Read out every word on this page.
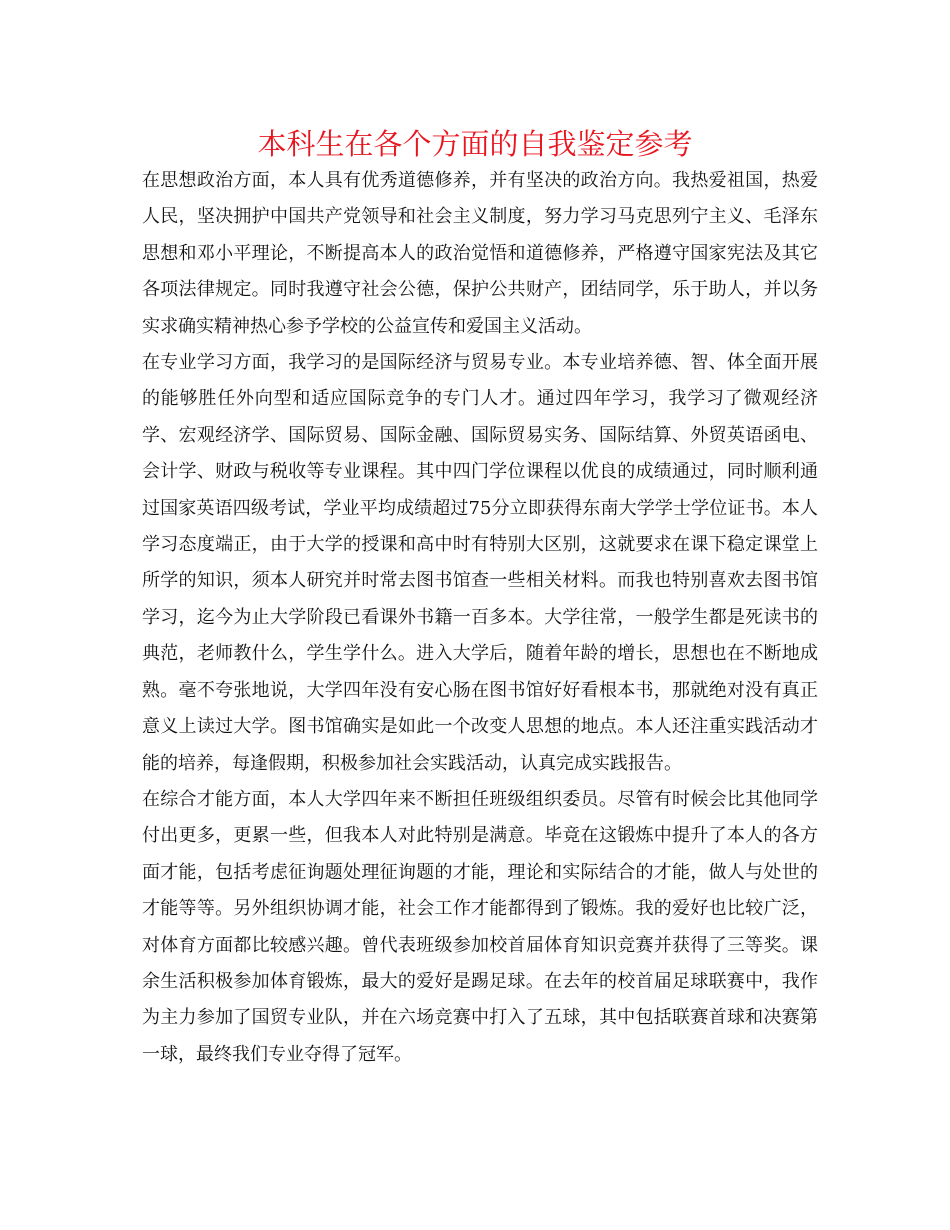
本科生在各个方面的自我鉴定参考

在思想政治方面，本人具有优秀道德修养，并有坚决的政治方向。我热爱祖国，热爱人民，坚决拥护中国共产党领导和社会主义制度，努力学习马克思列宁主义、毛泽东思想和邓小平理论，不断提高本人的政治觉悟和道德修养，严格遵守国家宪法及其它各项法律规定。同时我遵守社会公德，保护公共财产，团结同学，乐于助人，并以务实求确实精神热心参予学校的公益宣传和爱国主义活动。

在专业学习方面，我学习的是国际经济与贸易专业。本专业培养德、智、体全面开展的能够胜任外向型和适应国际竞争的专门人才。通过四年学习，我学习了微观经济学、宏观经济学、国际贸易、国际金融、国际贸易实务、国际结算、外贸英语函电、会计学、财政与税收等专业课程。其中四门学位课程以优良的成绩通过，同时顺利通过国家英语四级考试，学业平均成绩超过75分立即获得东南大学学士学位证书。本人学习态度端正，由于大学的授课和高中时有特别大区别，这就要求在课下稳定课堂上所学的知识，须本人研究并时常去图书馆查一些相关材料。而我也特别喜欢去图书馆学习，迄今为止大学阶段已看课外书籍一百多本。大学往常，一般学生都是死读书的典范，老师教什么，学生学什么。进入大学后，随着年龄的增长，思想也在不断地成熟。毫不夸张地说，大学四年没有安心肠在图书馆好好看根本书，那就绝对没有真正意义上读过大学。图书馆确实是如此一个改变人思想的地点。本人还注重实践活动才能的培养，每逢假期，积极参加社会实践活动，认真完成实践报告。

在综合才能方面，本人大学四年来不断担任班级组织委员。尽管有时候会比其他同学付出更多，更累一些，但我本人对此特别是满意。毕竟在这锻炼中提升了本人的各方面才能，包括考虑征询题处理征询题的才能，理论和实际结合的才能，做人与处世的才能等等。另外组织协调才能，社会工作才能都得到了锻炼。我的爱好也比较广泛，对体育方面都比较感兴趣。曾代表班级参加校首届体育知识竞赛并获得了三等奖。课余生活积极参加体育锻炼，最大的爱好是踢足球。在去年的校首届足球联赛中，我作为主力参加了国贸专业队，并在六场竞赛中打入了五球，其中包括联赛首球和决赛第一球，最终我们专业夺得了冠军。
